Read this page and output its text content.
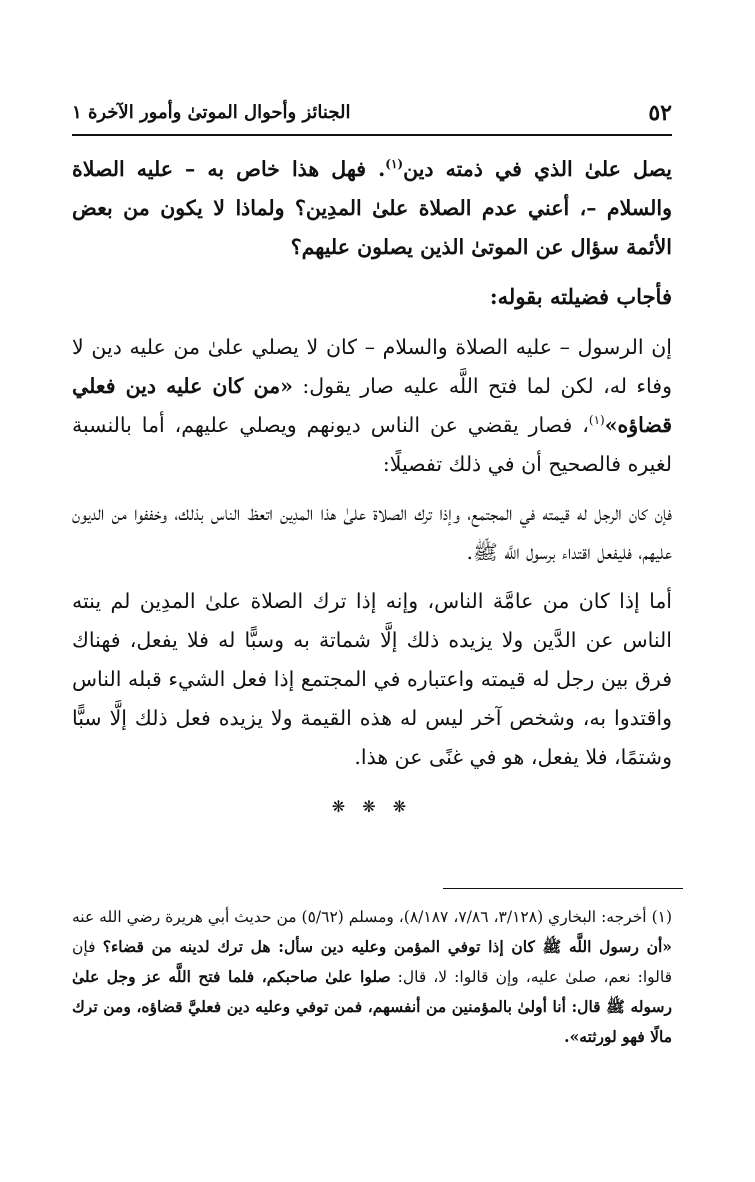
٥٢
الجنائز وأحوال الموتىٰ وأمور الآخرة ١

يصل علىٰ الذي في ذمته دين$^{(١)}$. فهل هذا خاص به – عليه الصلاة والسلام –، أعني عدم الصلاة علىٰ المدِين؟ ولماذا لا يكون من بعض الأئمة سؤال عن الموتىٰ الذين يصلون عليهم؟

فأجاب فضيلته بقوله:

إن الرسول – عليه الصلاة والسلام – كان لا يصلي علىٰ من عليه دين لا وفاء له، لكن لما فتح اللَّه عليه صار يقول: «من كان عليه دين فعلي قضاؤه»$^{(١)}$، فصار يقضي عن الناس ديونهم ويصلي عليهم، أما بالنسبة لغيره فالصحيح أن في ذلك تفصيلًا:

فإن كان الرجل له قيمته في المجتمع، وإذا ترك الصلاة علىٰ هذا المدِين اتعظ الناس بذلك، وخففوا من الديون عليهم، فليفعل اقتداء برسول اللَّه ﷺ.

أما إذا كان من عامَّة الناس، وإنه إذا ترك الصلاة علىٰ المدِين لم ينته الناس عن الدَّين ولا يزيده ذلك إلَّا شماتة به وسبًّا له فلا يفعل، فهناك فرق بين رجل له قيمته واعتباره في المجتمع إذا فعل الشيء قبله الناس واقتدوا به، وشخص آخر ليس له هذه القيمة ولا يزيده فعل ذلك إلَّا سبًّا وشتمًا، فلا يفعل، هو في غنًى عن هذا.

❋ ❋ ❋

(١) أخرجه: البخاري (٣/١٢٨، ٧/٨٦، ٨/١٨٧)، ومسلم (٥/٦٢) من حديث أبي هريرة رضي الله عنه «أن رسول اللَّه ﷺ كان إذا توفي المؤمن وعليه دين سأل: هل ترك لدينه من قضاء؟ فإن قالوا: نعم، صلىٰ عليه، وإن قالوا: لا، قال: صلوا علىٰ صاحبكم، فلما فتح اللَّه عز وجل علىٰ رسوله ﷺ قال: أنا أولىٰ بالمؤمنين من أنفسهم، فمن توفي وعليه دين فعليَّ قضاؤه، ومن ترك مالًا فهو لورثته».
